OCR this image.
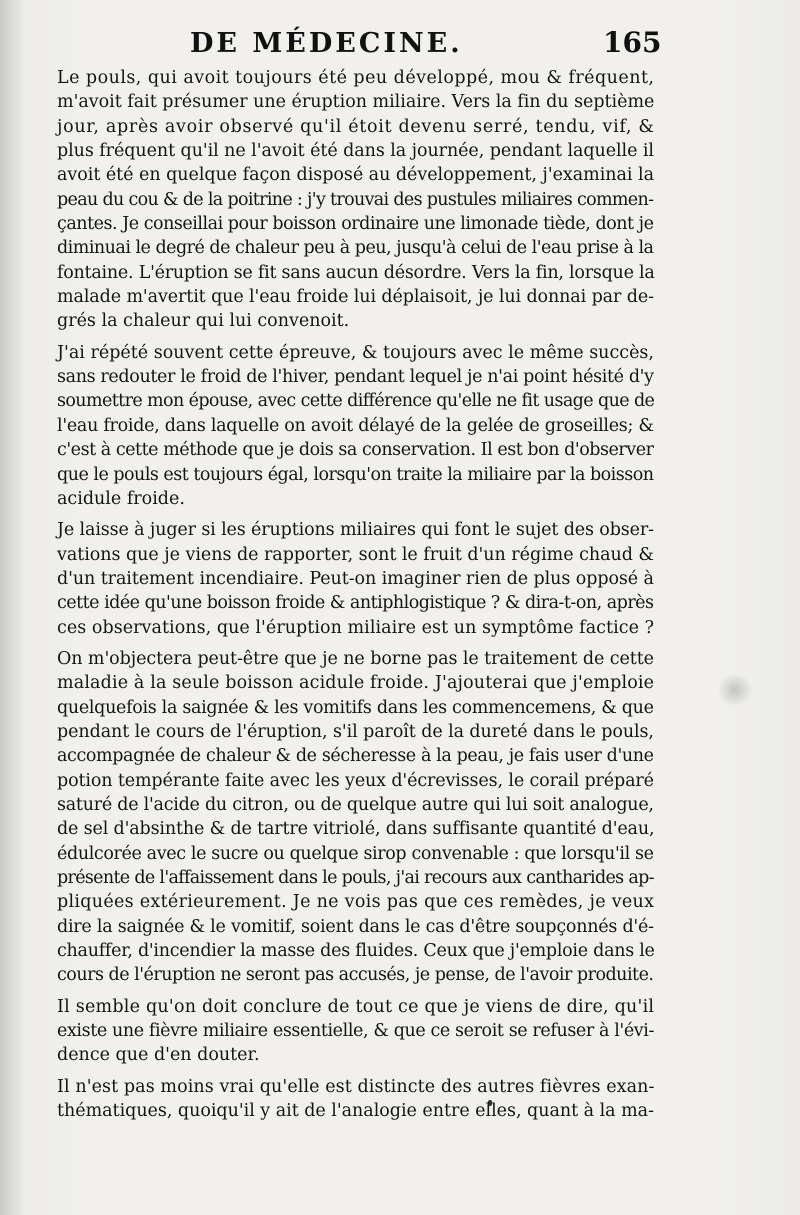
DE MÉDECINE.	165
Le pouls, qui avoit toujours été peu développé, mou & fréquent,
m'avoit fait présumer une éruption miliaire. Vers la fin du septième
jour, après avoir observé qu'il étoit devenu serré, tendu, vif, &
plus fréquent qu'il ne l'avoit été dans la journée, pendant laquelle il
avoit été en quelque façon disposé au développement, j'examinai la
peau du cou & de la poitrine : j'y trouvai des pustules miliaires commen-
çantes. Je conseillai pour boisson ordinaire une limonade tiède, dont je
diminuai le degré de chaleur peu à peu, jusqu'à celui de l'eau prise à la
fontaine. L'éruption se fit sans aucun désordre. Vers la fin, lorsque la
malade m'avertit que l'eau froide lui déplaisoit, je lui donnai par de-
grés la chaleur qui lui convenoit.
J'ai répété souvent cette épreuve, & toujours avec le même succès,
sans redouter le froid de l'hiver, pendant lequel je n'ai point hésité d'y
soumettre mon épouse, avec cette différence qu'elle ne fit usage que de
l'eau froide, dans laquelle on avoit délayé de la gelée de groseilles; &
c'est à cette méthode que je dois sa conservation. Il est bon d'observer
que le pouls est toujours égal, lorsqu'on traite la miliaire par la boisson
acidule froide.
Je laisse à juger si les éruptions miliaires qui font le sujet des obser-
vations que je viens de rapporter, sont le fruit d'un régime chaud &
d'un traitement incendiaire. Peut-on imaginer rien de plus opposé à
cette idée qu'une boisson froide & antiphlogistique ? & dira-t-on, après
ces observations, que l'éruption miliaire est un symptôme factice ?
On m'objectera peut-être que je ne borne pas le traitement de cette
maladie à la seule boisson acidule froide. J'ajouterai que j'emploie
quelquefois la saignée & les vomitifs dans les commencemens, & que
pendant le cours de l'éruption, s'il paroît de la dureté dans le pouls,
accompagnée de chaleur & de sécheresse à la peau, je fais user d'une
potion tempérante faite avec les yeux d'écrevisses, le corail préparé
saturé de l'acide du citron, ou de quelque autre qui lui soit analogue,
de sel d'absinthe & de tartre vitriolé, dans suffisante quantité d'eau,
édulcorée avec le sucre ou quelque sirop convenable : que lorsqu'il se
présente de l'affaissement dans le pouls, j'ai recours aux cantharides ap-
pliquées extérieurement. Je ne vois pas que ces remèdes, je veux
dire la saignée & le vomitif, soient dans le cas d'être soupçonnés d'é-
chauffer, d'incendier la masse des fluides. Ceux que j'emploie dans le
cours de l'éruption ne seront pas accusés, je pense, de l'avoir produite.
Il semble qu'on doit conclure de tout ce que je viens de dire, qu'il
existe une fièvre miliaire essentielle, & que ce seroit se refuser à l'évi-
dence que d'en douter.
Il n'est pas moins vrai qu'elle est distincte des autres fièvres exan-
thématiques, quoiqu'il y ait de l'analogie entre elles, quant à la ma-
